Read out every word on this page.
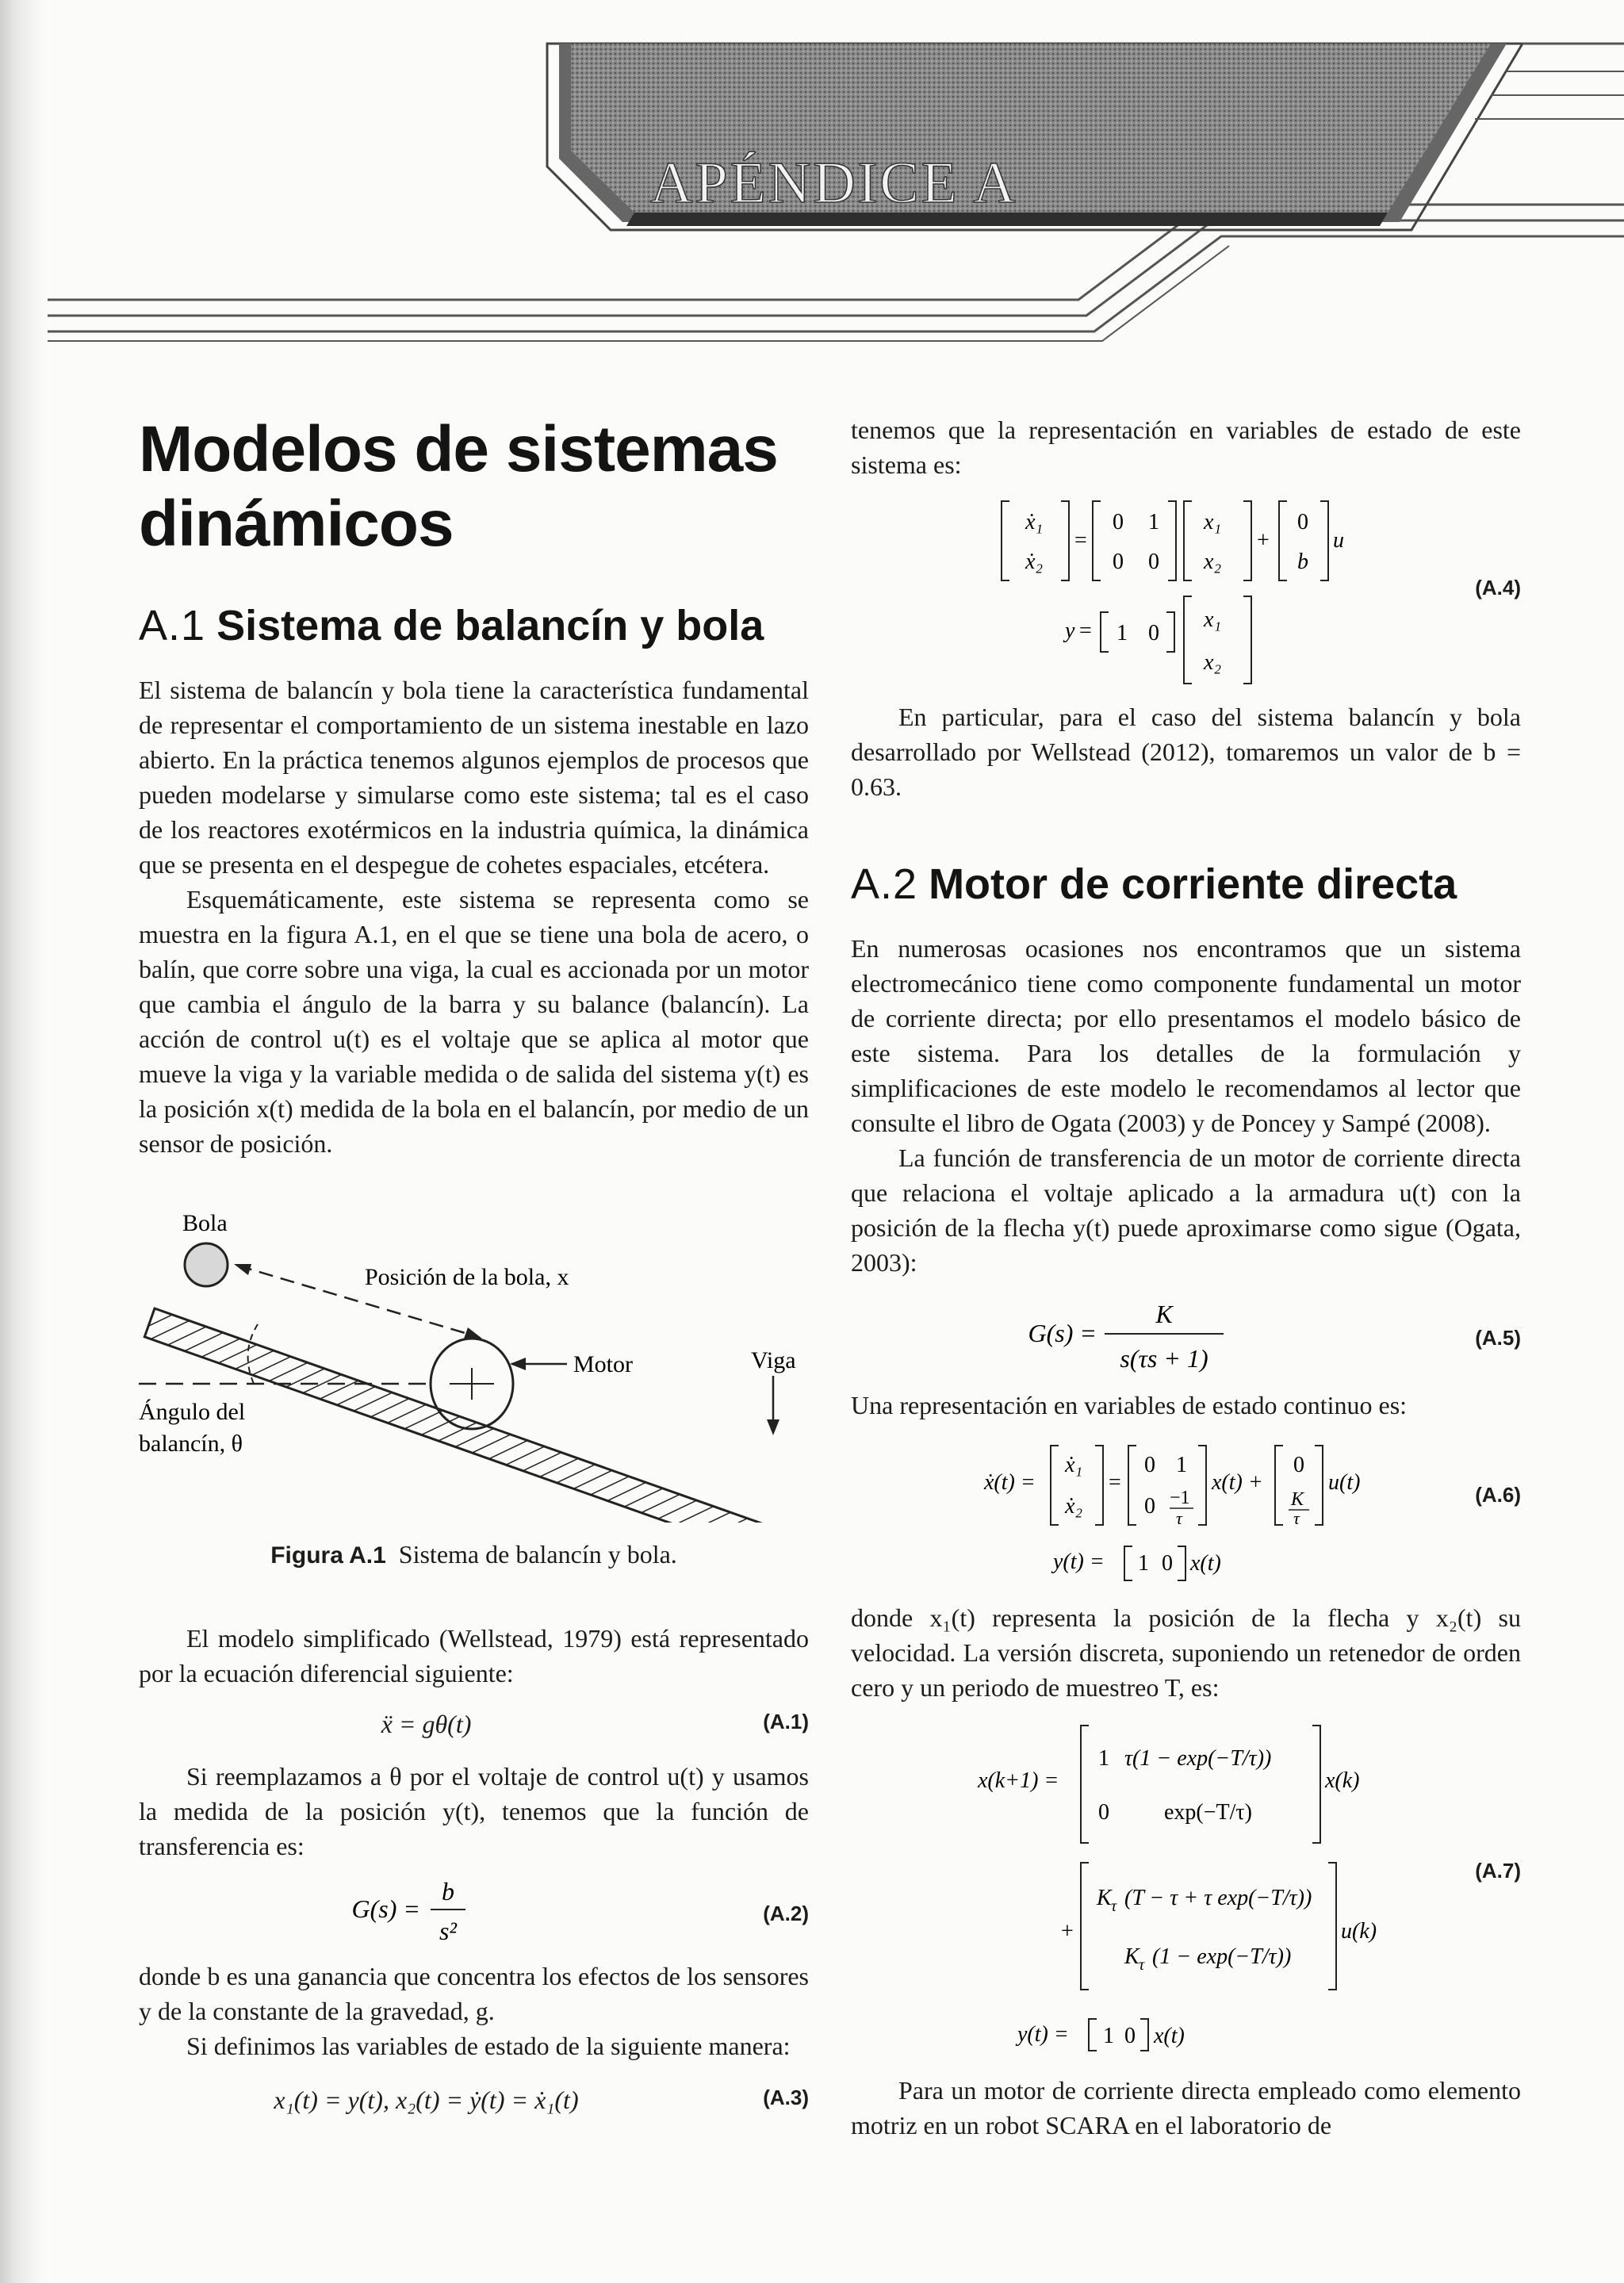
APÉNDICE A
Modelos de sistemas
dinámicos
A.1 Sistema de balancín y bola

El sistema de balancín y bola tiene la característica fundamental de representar el comportamiento de un sistema inestable en lazo abierto. En la práctica tenemos algunos ejemplos de procesos que pueden modelarse y simularse como este sistema; tal es el caso de los reactores exotérmicos en la industria química, la dinámica que se presenta en el despegue de cohetes espaciales, etcétera.

Esquemáticamente, este sistema se representa como se muestra en la figura A.1, en el que se tiene una bola de acero, o balín, que corre sobre una viga, la cual es accionada por un motor que cambia el ángulo de la barra y su balance (balancín). La acción de control u(t) es el voltaje que se aplica al motor que mueve la viga y la variable medida o de salida del sistema y(t) es la posición x(t) medida de la bola en el balancín, por medio de un sensor de posición.

Bola
Posición de la bola, x
Motor	Viga
Ángulo del
balancín, θ

Figura A.1 Sistema de balancín y bola.

El modelo simplificado (Wellstead, 1979) está representado por la ecuación diferencial siguiente:

ẍ = gθ(t)	(A.1)

Si reemplazamos a θ por el voltaje de control u(t) y usamos la medida de la posición y(t), tenemos que la función de transferencia es:

G(s) =
b
s²
(A.2)

donde b es una ganancia que concentra los efectos de los sensores y de la constante de la gravedad, g.

Si definimos las variables de estado de la siguiente manera:

x₁(t) = y(t), x₂(t) = ẏ(t) = ẋ₁(t)	(A.3)

tenemos que la representación en variables de estado de este sistema es:

ẋ₁
ẋ₂
=
0 1
0 0
x₁
x₂
+
0
b
u
y = 1 0
x₁
x₂
(A.4)

En particular, para el caso del sistema balancín y bola desarrollado por Wellstead (2012), tomaremos un valor de b = 0.63.

A.2 Motor de corriente directa

En numerosas ocasiones nos encontramos que un sistema electromecánico tiene como componente fundamental un motor de corriente directa; por ello presentamos el modelo básico de este sistema. Para los detalles de la formulación y simplificaciones de este modelo le recomendamos al lector que consulte el libro de Ogata (2003) y de Poncey y Sampé (2008).

La función de transferencia de un motor de corriente directa que relaciona el voltaje aplicado a la armadura u(t) con la posición de la flecha y(t) puede aproximarse como sigue (Ogata, 2003):

G(s) =
K
s(τs + 1)
(A.5)

Una representación en variables de estado continuo es:

ẋ(t) =
ẋ₁
ẋ₂
=
0 1
0 −1
τ
x(t) +
0
K
τ
u(t)
y(t) = 1 0 x(t)
(A.6)

donde x₁(t) representa la posición de la flecha y x₂(t) su velocidad. La versión discreta, suponiendo un retenedor de orden cero y un periodo de muestreo T, es:

x(k+1) =
1 τ(1 − exp(−T/τ))
0 exp(−T/τ)
x(k)
+
K τ (T − τ + τ exp(−T/τ))
K τ (1 − exp(−T/τ))
u(k)
y(t) = 1 0 x(t)
(A.7)

Para un motor de corriente directa empleado como elemento motriz en un robot SCARA en el laboratorio de
